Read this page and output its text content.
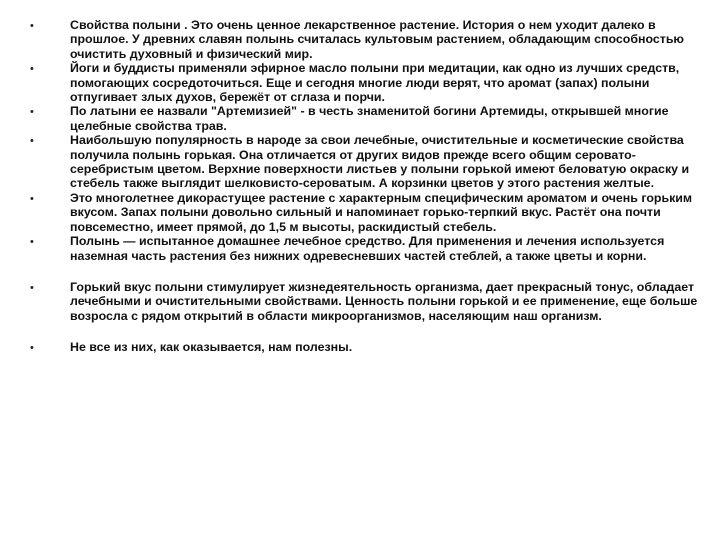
•	Свойства полыни . Это очень ценное лекарственное растение. История о нем уходит далеко в прошлое. У древних славян полынь считалась культовым растением, обладающим способностью очистить духовный и физический мир.
•	Йоги и буддисты применяли эфирное масло полыни при медитации, как одно из лучших средств, помогающих сосредоточиться. Еще и сегодня многие люди верят, что аромат (запах) полыни отпугивает злых духов, бережёт от сглаза и порчи.
•	По латыни ее назвали "Артемизией" - в честь знаменитой богини Артемиды, открывшей многие целебные свойства трав.
•	Наибольшую популярность в народе за свои лечебные, очистительные и косметические свойства получила полынь горькая. Она отличается от других видов прежде всего общим серовато-серебристым цветом. Верхние поверхности листьев у полыни горькой имеют беловатую окраску и стебель также выглядит шелковисто-сероватым. А корзинки цветов у этого растения желтые.
•	Это многолетнее дикорастущее растение с характерным специфическим ароматом и очень горьким вкусом. Запах полыни довольно сильный и напоминает горько-терпкий вкус. Растёт она почти повсеместно, имеет прямой, до 1,5 м высоты, раскидистый стебель.
•	Полынь — испытанное домашнее лечебное средство. Для применения и лечения используется наземная часть растения без нижних одревесневших частей стеблей, а также цветы и корни.
•	Горький вкус полыни стимулирует жизнедеятельность организма, дает прекрасный тонус, обладает лечебными и очистительными свойствами. Ценность полыни горькой и ее применение, еще больше возросла с рядом открытий в области микроорганизмов, населяющим наш организм.
•	Не все из них, как оказывается, нам полезны.
